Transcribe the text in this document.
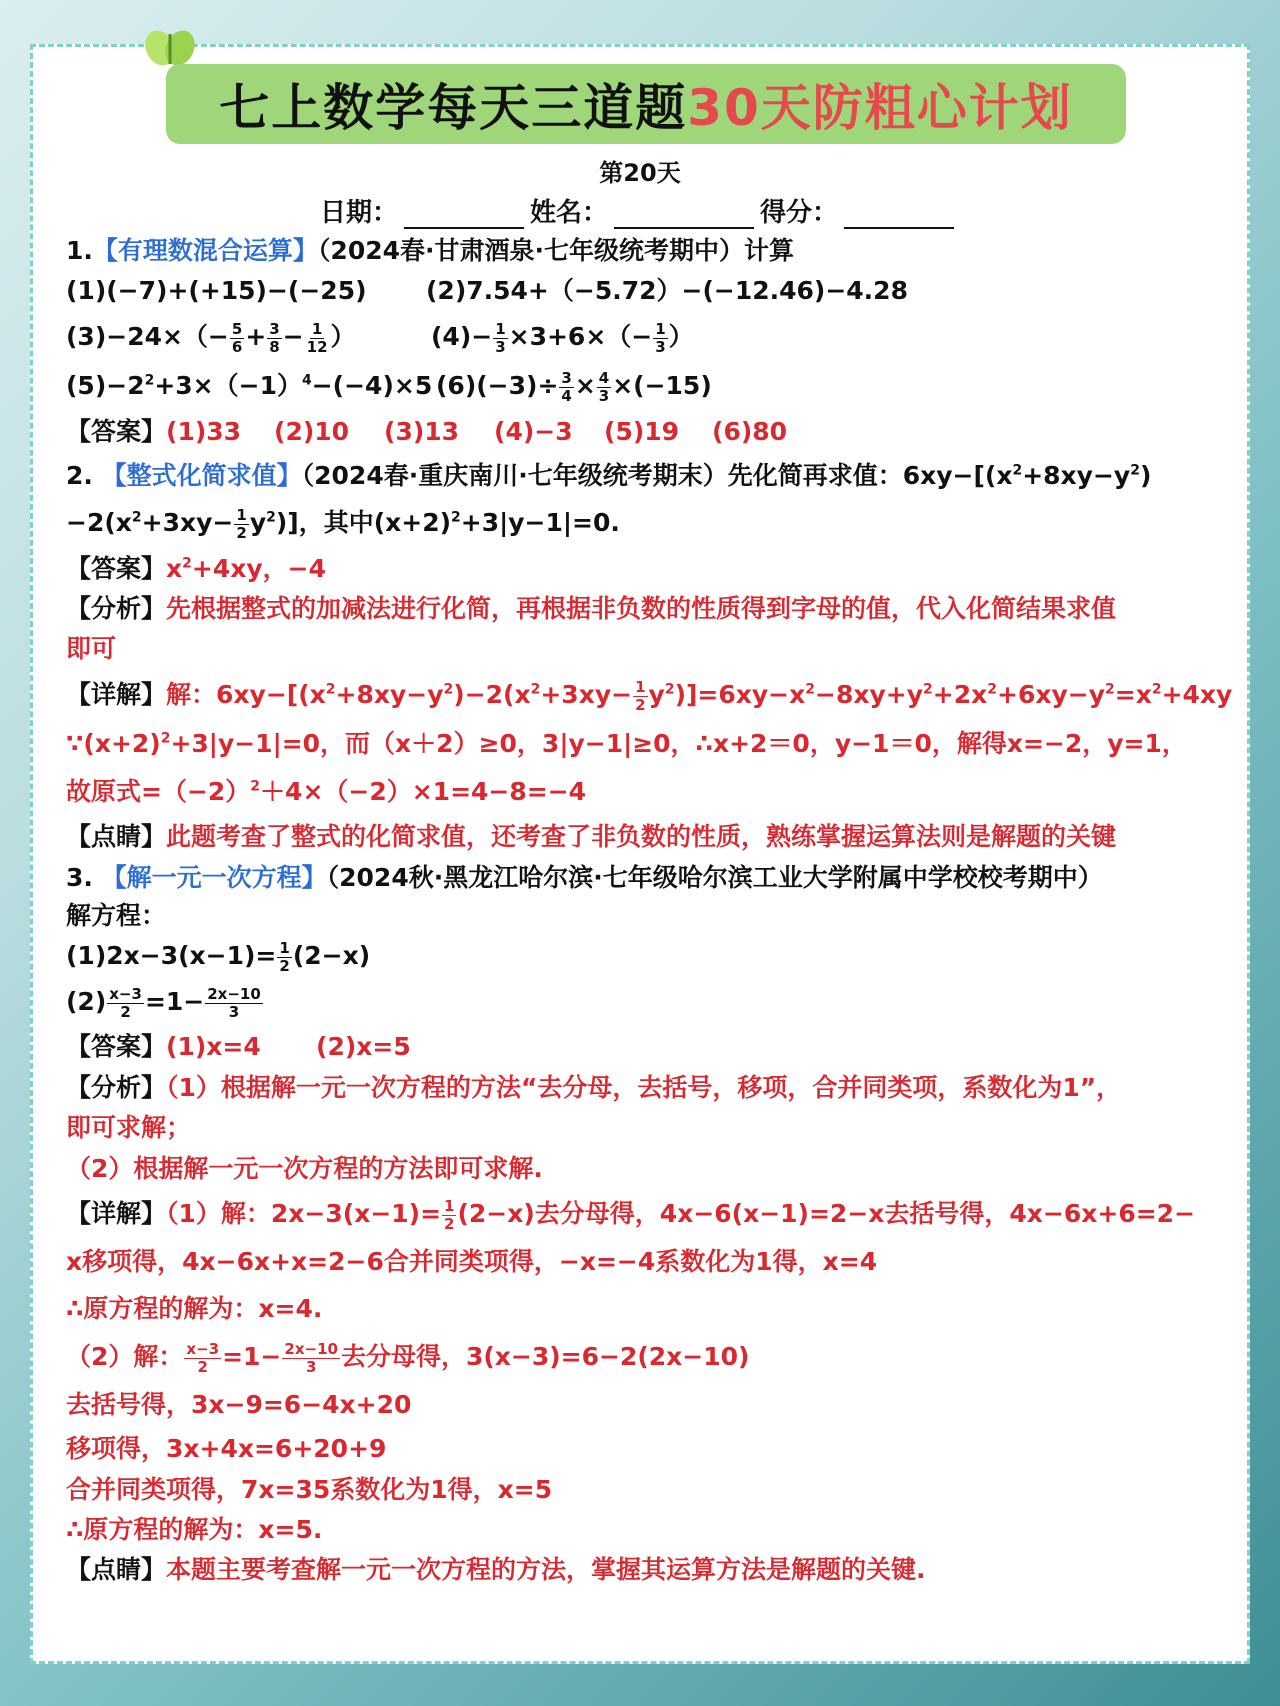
七上数学每天三道题 30天防粗心计划
第20天
日期：	姓名：	得分：

1.【有理数混合运算】（2024春·甘肃酒泉·七年级统考期中）计算

(1)(−7)+(+15)−(−25)	(2)7.54+（−5.72）−(−12.46)−4.28
$(3)-24\times(- \frac{5}{6} + \frac{3}{8} - \frac{1}{12}$ ）	$(4)- \frac{1}{3} \times 3+6\times(- \frac{1}{3}$ ）
$(5)-2^2+3\times(-1)^4-(-4)\times 5$ $(6)(-3)\div \frac{3}{4} \times \frac{4}{3} \times(-15)$
【答案】 (1)33	(2)10	(3)13	(4)−3	(5)19	(6)80

2. 【整式化简求值】（2024春·重庆南川·七年级统考期末）先化简再求值：$6xy-[(x^2+8xy-y^2)$

$-2(x^2+3xy- \frac{1}{2} y^2)$]，其中$(x+2)^2+3|y-1|=0$.

【答案】$x^2+4xy$，−4

【分析】先根据整式的加减法进行化简，再根据非负数的性质得到字母的值，代入化简结果求值

即可

【详解】解：$6xy-[(x^2+8xy-y^2)-2(x^2+3xy- \frac{1}{2} y^2)]=6xy-x^2-8xy+y^2+2x^2+6xy-y^2=x^2+4xy$

$\because(x+2)^2+3|y-1|=0$，而（x＋2）≥0，3|y−1|≥0，∴x+2＝0，y−1＝0，解得x=−2，y=1，

故原式$=(-2)^2+4\times(-2)\times 1=4-8=-4$

【点睛】此题考查了整式的化简求值，还考查了非负数的性质，熟练掌握运算法则是解题的关键

3. 【解一元一次方程】（2024秋·黑龙江哈尔滨·七年级哈尔滨工业大学附属中学校校考期中）

解方程：

$(1)2x-3(x-1)= \frac{1}{2} (2-x)$

$(2) \frac{x-3}{2} =1- \frac{2x-10}{3}$

【答案】 (1)x=4	(2)x=5

【分析】（1）根据解一元一次方程的方法“去分母，去括号，移项，合并同类项，系数化为1”，

即可求解；

（2）根据解一元一次方程的方法即可求解.

【详解】（1）解：$2x-3(x-1)= \frac{1}{2} (2-x)$去分母得，4x−6(x−1)=2−x去括号得，4x−6x+6=2−

x移项得，4x−6x+x=2−6合并同类项得，−x=−4系数化为1得，x=4

∴原方程的解为：x=4.

（2）解： $\frac{x-3}{2} =1- \frac{2x-10}{3}$ 去分母得，3(x−3)=6−2(2x−10)

去括号得，3x−9=6−4x+20

移项得，3x+4x=6+20+9

合并同类项得，7x=35系数化为1得，x=5

∴原方程的解为：x=5.

【点睛】本题主要考查解一元一次方程的方法，掌握其运算方法是解题的关键.
